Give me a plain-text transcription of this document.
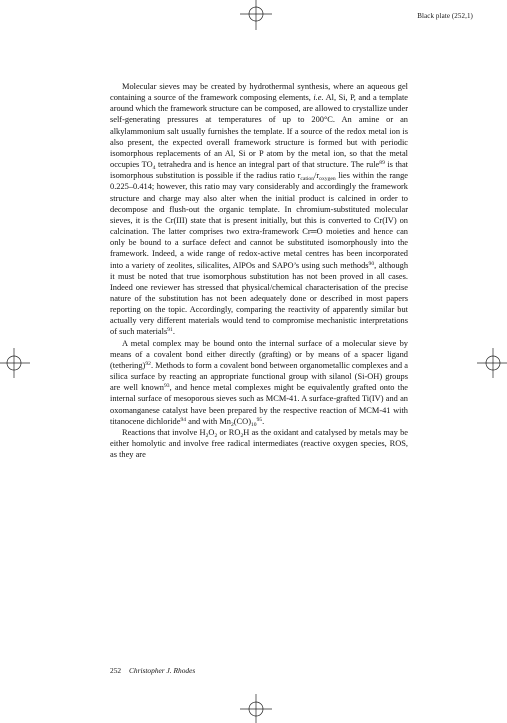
Black plate (252,1)

Molecular sieves may be created by hydrothermal synthesis, where an aqueous gel containing a source of the framework composing elements, i.e. Al, Si, P, and a template around which the framework structure can be composed, are allowed to crystallize under self-generating pressures at temperatures of up to 200°C. An amine or an alkylammonium salt usually furnishes the template. If a source of the redox metal ion is also present, the expected overall framework structure is formed but with periodic isomorphous replacements of an Al, Si or P atom by the metal ion, so that the metal occupies $TO_4$ tetrahedra and is hence an integral part of that structure. The rule$^{89}$ is that isomorphous substitution is possible if the radius ratio $r_{cation}/r_{oxygen}$ lies within the range 0.225–0.414; however, this ratio may vary considerably and accordingly the framework structure and charge may also alter when the initial product is calcined in order to decompose and flush-out the organic template. In chromium-substituted molecular sieves, it is the Cr(III) state that is present initially, but this is converted to Cr(IV) on calcination. The latter comprises two extra-framework Cr═O moieties and hence can only be bound to a surface defect and cannot be substituted isomorphously into the framework. Indeed, a wide range of redox-active metal centres has been incorporated into a variety of zeolites, silicalites, AlPOs and SAPO’s using such methods$^{90}$, although it must be noted that true isomorphous substitution has not been proved in all cases. Indeed one reviewer has stressed that physical/chemical characterisation of the precise nature of the substitution has not been adequately done or described in most papers reporting on the topic. Accordingly, comparing the reactivity of apparently similar but actually very different materials would tend to compromise mechanistic interpretations of such materials$^{91}$.

A metal complex may be bound onto the internal surface of a molecular sieve by means of a covalent bond either directly (grafting) or by means of a spacer ligand (tethering)$^{92}$. Methods to form a covalent bond between organometallic complexes and a silica surface by reacting an appropriate functional group with silanol (Si-OH) groups are well known$^{93}$, and hence metal complexes might be equivalently grafted onto the internal surface of mesoporous sieves such as MCM-41. A surface-grafted Ti(IV) and an oxomanganese catalyst have been prepared by the respective reaction of MCM-41 with titanocene dichloride$^{94}$ and with $Mn_2(CO)_{10}^{95}$.

Reactions that involve $H_2O_2$ or $RO_2H$ as the oxidant and catalysed by metals may be either homolytic and involve free radical intermediates (reactive oxygen species, ROS, as they are

252 Christopher J. Rhodes
